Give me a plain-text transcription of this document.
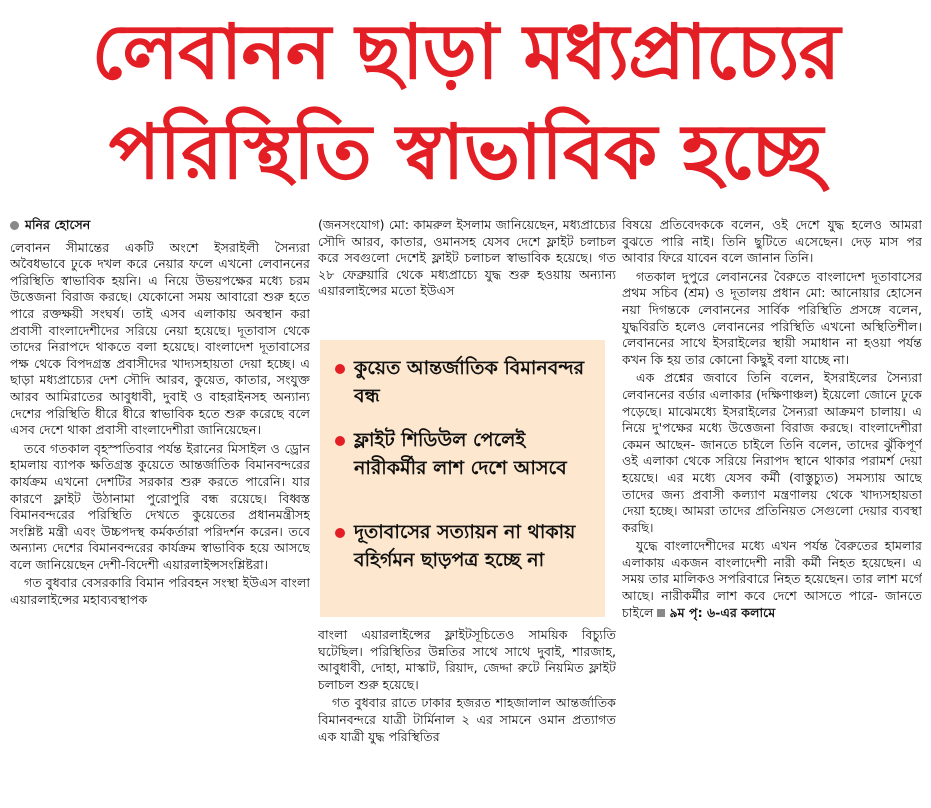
লেবানন ছাড়া মধ্যপ্রাচ্যের
পরিস্থিতি স্বাভাবিক হচ্ছে
মনির হোসেন

লেবানন সীমান্তের একটি অংশে ইসরাইলী সৈন্যরা অবৈধভাবে ঢুকে দখল করে নেয়ার ফলে এখনো লেবাননের পরিস্থিতি স্বাভাবিক হয়নি। এ নিয়ে উভয়পক্ষের মধ্যে চরম উত্তেজনা বিরাজ করছে। যেকোনো সময় আবারো শুরু হতে পারে রক্তক্ষয়ী সংঘর্ষ। তাই এসব এলাকায় অবস্থান করা প্রবাসী বাংলাদেশীদের সরিয়ে নেয়া হয়েছে। দূতাবাস থেকে তাদের নিরাপদে থাকতে বলা হয়েছে। বাংলাদেশ দূতাবাসের পক্ষ থেকে বিপদগ্রস্ত প্রবাসীদের খাদ্যসহায়তা দেয়া হচ্ছে। এ ছাড়া মধ্যপ্রাচ্যের দেশ সৌদি আরব, কুয়েত, কাতার, সংযুক্ত আরব আমিরাতের আবুধাবী, দুবাই ও বাহরাইনসহ অন্যান্য দেশের পরিস্থিতি ধীরে ধীরে স্বাভাবিক হতে শুরু করেছে বলে এসব দেশে থাকা প্রবাসী বাংলাদেশীরা জানিয়েছেন।

তবে গতকাল বৃহস্পতিবার পর্যন্ত ইরানের মিসাইল ও ড্রোন হামলায় ব্যাপক ক্ষতিগ্রস্ত কুয়েতে আন্তর্জাতিক বিমানবন্দরের কার্যক্রম এখনো দেশটির সরকার শুরু করতে পারেনি। যার কারণে ফ্লাইট উঠানামা পুরোপুরি বন্ধ রয়েছে। বিধ্বস্ত বিমানবন্দরের পরিস্থিতি দেখতে কুয়েতের প্রধানমন্ত্রীসহ সংশ্লিষ্ট মন্ত্রী এবং উচ্চপদস্থ কর্মকর্তারা পরিদর্শন করেন। তবে অন্যান্য দেশের বিমানবন্দরের কার্যক্রম স্বাভাবিক হয়ে আসছে বলে জানিয়েছেন দেশী-বিদেশী এয়ারলাইন্সসংশ্লিষ্টরা।

গত বুধবার বেসরকারি বিমান পরিবহন সংস্থা ইউএস বাংলা এয়ারলাইন্সের মহাব্যবস্থাপক

(জনসংযোগ) মো: কামরুল ইসলাম জানিয়েছেন, মধ্যপ্রাচ্যের সৌদি আরব, কাতার, ওমানসহ যেসব দেশে ফ্লাইট চলাচল করে সবগুলো দেশেই ফ্লাইট চলাচল স্বাভাবিক হয়েছে। গত ২৮ ফেব্রুয়ারি থেকে মধ্যপ্রাচ্যে যুদ্ধ শুরু হওয়ায় অন্যান্য এয়ারলাইন্সের মতো ইউএস

কুয়েত আন্তর্জাতিক বিমানবন্দর বন্ধ
ফ্লাইট শিডিউল পেলেই নারীকর্মীর লাশ দেশে আসবে
দূতাবাসের সত্যায়ন না থাকায় বহির্গমন ছাড়পত্র হচ্ছে না

বাংলা এয়ারলাইন্সের ফ্লাইটসূচিতেও সাময়িক বিচ্যুতি ঘটেছিল। পরিস্থিতির উন্নতির সাথে সাথে দুবাই, শারজাহ, আবুধাবী, দোহা, মাস্কাট, রিয়াদ, জেদ্দা রুটে নিয়মিত ফ্লাইট চলাচল শুরু হয়েছে।

গত বুধবার রাতে ঢাকার হজরত শাহজালাল আন্তর্জাতিক বিমানবন্দরে যাত্রী টার্মিনাল ২ এর সামনে ওমান প্রত্যাগত এক যাত্রী যুদ্ধ পরিস্থিতির

বিষয়ে প্রতিবেদককে বলেন, ওই দেশে যুদ্ধ হলেও আমরা বুঝতে পারি নাই। তিনি ছুটিতে এসেছেন। দেড় মাস পর আবার ফিরে যাবেন বলে জানান তিনি।

গতকাল দুপুরে লেবাননের বৈরুতে বাংলাদেশ দূতাবাসের প্রথম সচিব (শ্রম) ও দূতালয় প্রধান মো: আনোয়ার হোসেন নয়া দিগন্তকে লেবাননের সার্বিক পরিস্থিতি প্রসঙ্গে বলেন, যুদ্ধবিরতি হলেও লেবাননের পরিস্থিতি এখনো অস্থিতিশীল। লেবাননের সাথে ইসরাইলের স্থায়ী সমাধান না হওয়া পর্যন্ত কখন কি হয় তার কোনো কিছুই বলা যাচ্ছে না।

এক প্রশ্নের জবাবে তিনি বলেন, ইসরাইলের সৈন্যরা লেবাননের বর্ডার এলাকার (দক্ষিণাঞ্চল) ইয়েলো জোনে ঢুকে পড়েছে। মাঝেমধ্যে ইসরাইলের সৈন্যরা আক্রমণ চালায়। এ নিয়ে দু'পক্ষের মধ্যে উত্তেজনা বিরাজ করছে। বাংলাদেশীরা কেমন আছেন- জানতে চাইলে তিনি বলেন, তাদের ঝুঁকিপূর্ণ ওই এলাকা থেকে সরিয়ে নিরাপদ স্থানে থাকার পরামর্শ দেয়া হয়েছে। এর মধ্যে যেসব কর্মী (বাস্তুচ্যুত) সমস্যায় আছে তাদের জন্য প্রবাসী কল্যাণ মন্ত্রণালয় থেকে খাদ্যসহায়তা দেয়া হচ্ছে। আমরা তাদের প্রতিনিয়ত সেগুলো দেয়ার ব্যবস্থা করছি।

যুদ্ধে বাংলাদেশীদের মধ্যে এখন পর্যন্ত বৈরুতের হামলার এলাকায় একজন বাংলাদেশী নারী কর্মী নিহত হয়েছেন। এ সময় তার মালিকও সপরিবারে নিহত হয়েছেন। তার লাশ মর্গে আছে। নারীকর্মীর লাশ কবে দেশে আসতে পারে- জানতে চাইলে ৯ম পৃ: ৬-এর কলামে
